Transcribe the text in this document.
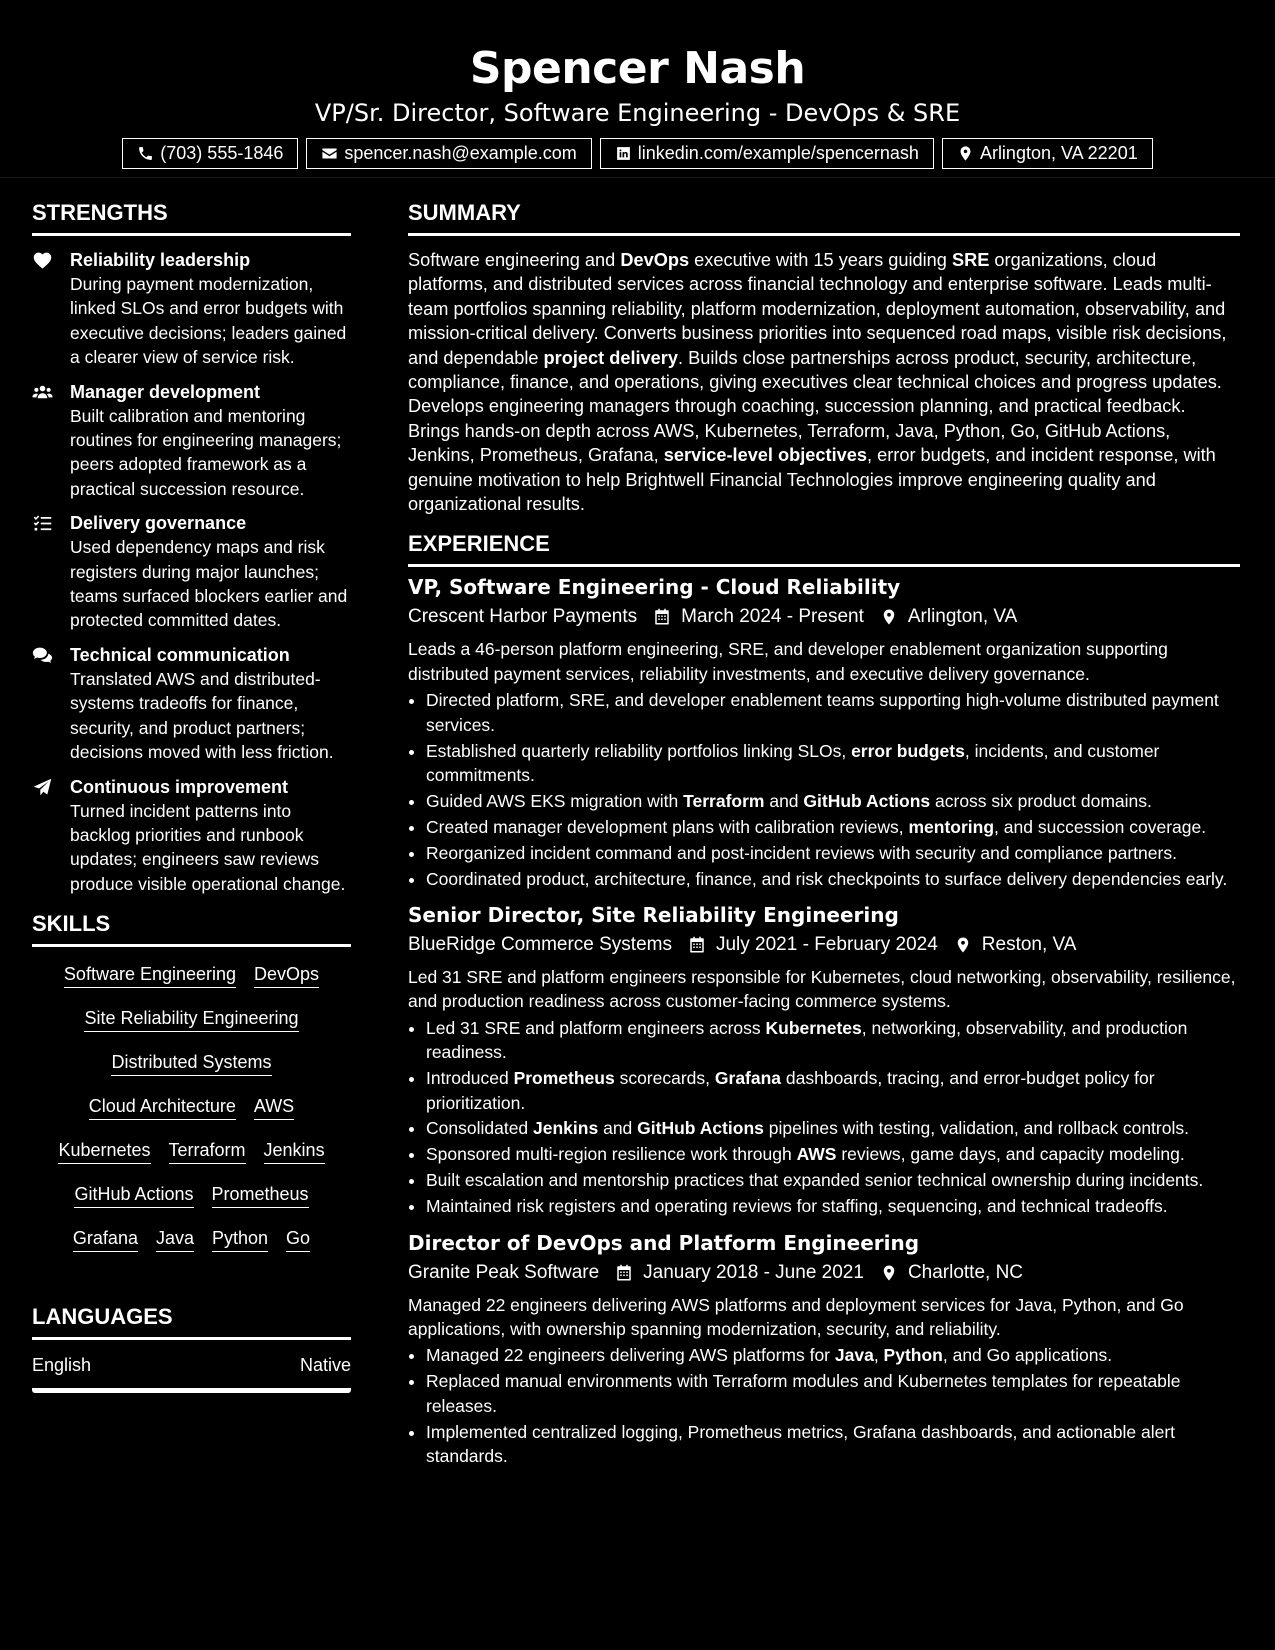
Spencer Nash

VP/Sr. Director, Software Engineering - DevOps & SRE

(703) 555-1846	spencer.nash@example.com	linkedin.com/example/spencernash	Arlington, VA 22201
STRENGTHS
Reliability leadership
During payment modernization, linked SLOs and error budgets with executive decisions; leaders gained a clearer view of service risk.
Manager development
Built calibration and mentoring routines for engineering managers; peers adopted framework as a practical succession resource.
Delivery governance
Used dependency maps and risk registers during major launches; teams surfaced blockers earlier and protected committed dates.
Technical communication
Translated AWS and distributed-systems tradeoffs for finance, security, and product partners; decisions moved with less friction.
Continuous improvement
Turned incident patterns into backlog priorities and runbook updates; engineers saw reviews produce visible operational change.
SKILLS
Software Engineering DevOps
Site Reliability Engineering
Distributed Systems
Cloud Architecture AWS
Kubernetes Terraform Jenkins
GitHub Actions Prometheus
Grafana Java Python Go
LANGUAGES
English	Native
SUMMARY

Software engineering and DevOps executive with 15 years guiding SRE organizations, cloud platforms, and distributed services across financial technology and enterprise software. Leads multi-team portfolios spanning reliability, platform modernization, deployment automation, observability, and mission-critical delivery. Converts business priorities into sequenced road maps, visible risk decisions, and dependable project delivery. Builds close partnerships across product, security, architecture, compliance, finance, and operations, giving executives clear technical choices and progress updates. Develops engineering managers through coaching, succession planning, and practical feedback. Brings hands-on depth across AWS, Kubernetes, Terraform, Java, Python, Go, GitHub Actions, Jenkins, Prometheus, Grafana, service-level objectives, error budgets, and incident response, with genuine motivation to help Brightwell Financial Technologies improve engineering quality and organizational results.

EXPERIENCE
VP, Software Engineering - Cloud Reliability
Crescent Harbor Payments March 2024 - Present Arlington, VA

Leads a 46-person platform engineering, SRE, and developer enablement organization supporting distributed payment services, reliability investments, and executive delivery governance.

• Directed platform, SRE, and developer enablement teams supporting high-volume distributed payment services.
• Established quarterly reliability portfolios linking SLOs, error budgets, incidents, and customer commitments.
• Guided AWS EKS migration with Terraform and GitHub Actions across six product domains.
• Created manager development plans with calibration reviews, mentoring, and succession coverage.
• Reorganized incident command and post-incident reviews with security and compliance partners.
• Coordinated product, architecture, finance, and risk checkpoints to surface delivery dependencies early.
Senior Director, Site Reliability Engineering
BlueRidge Commerce Systems July 2021 - February 2024 Reston, VA

Led 31 SRE and platform engineers responsible for Kubernetes, cloud networking, observability, resilience, and production readiness across customer-facing commerce systems.

• Led 31 SRE and platform engineers across Kubernetes, networking, observability, and production readiness.
• Introduced Prometheus scorecards, Grafana dashboards, tracing, and error-budget policy for prioritization.
• Consolidated Jenkins and GitHub Actions pipelines with testing, validation, and rollback controls.
• Sponsored multi-region resilience work through AWS reviews, game days, and capacity modeling.
• Built escalation and mentorship practices that expanded senior technical ownership during incidents.
• Maintained risk registers and operating reviews for staffing, sequencing, and technical tradeoffs.
Director of DevOps and Platform Engineering
Granite Peak Software January 2018 - June 2021 Charlotte, NC

Managed 22 engineers delivering AWS platforms and deployment services for Java, Python, and Go applications, with ownership spanning modernization, security, and reliability.

• Managed 22 engineers delivering AWS platforms for Java, Python, and Go applications.
• Replaced manual environments with Terraform modules and Kubernetes templates for repeatable releases.
• Implemented centralized logging, Prometheus metrics, Grafana dashboards, and actionable alert standards.
